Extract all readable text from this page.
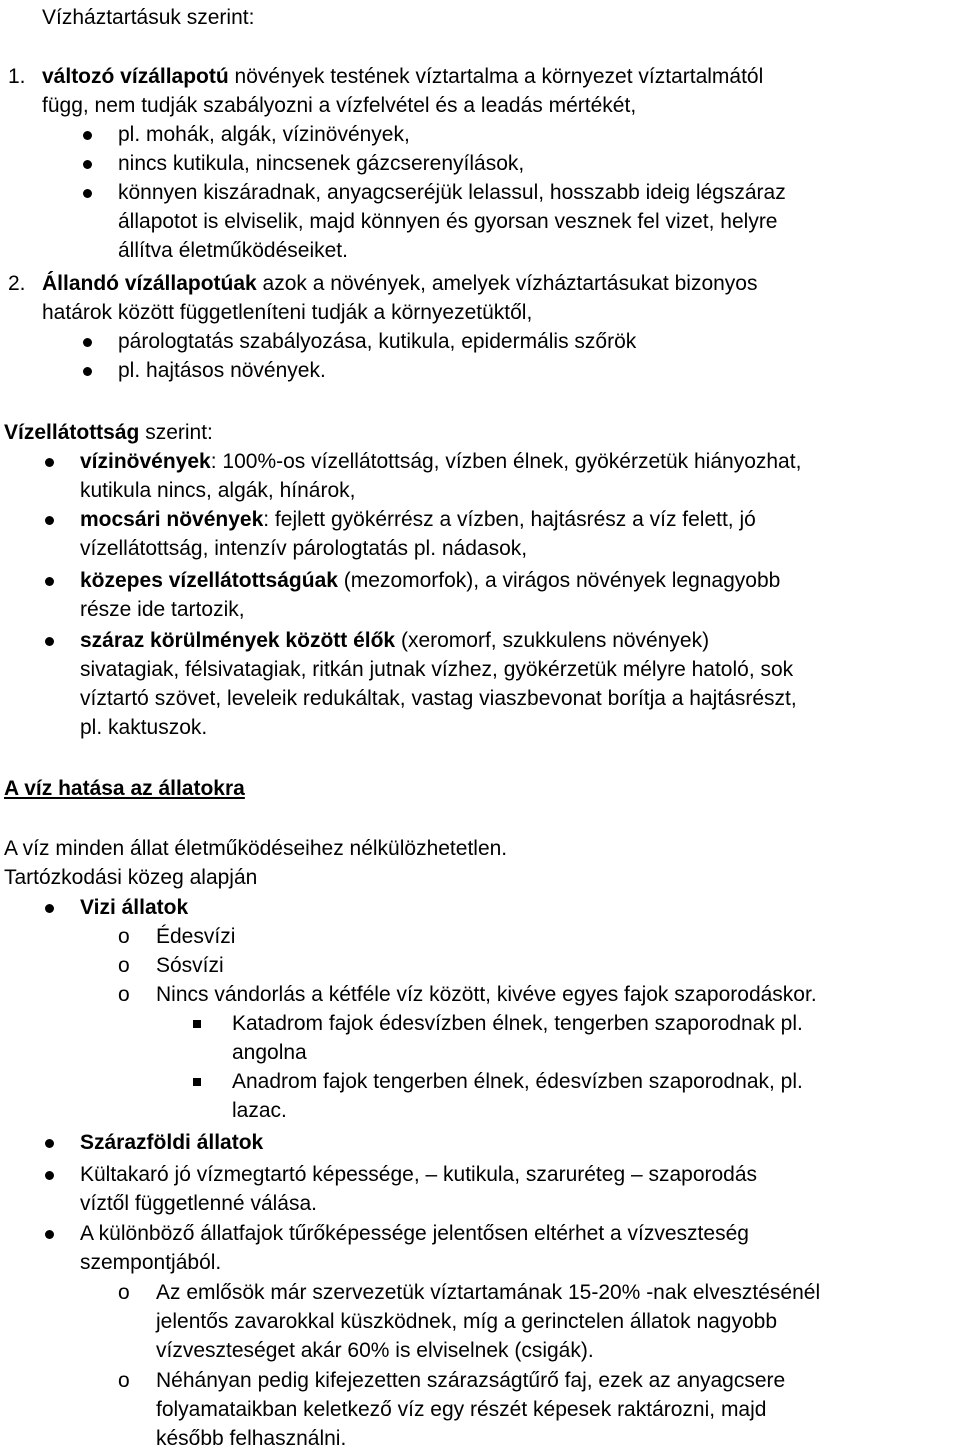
Vízháztartásuk szerint:
1. változó vízállapotú növények testének víztartalma a környezet víztartalmától
függ, nem tudják szabályozni a vízfelvétel és a leadás mértékét,
pl. mohák, algák, vízinövények,
nincs kutikula, nincsenek gázcserenyílások,
könnyen kiszáradnak, anyagcseréjük lelassul, hosszabb ideig légszáraz
állapotot is elviselik, majd könnyen és gyorsan vesznek fel vizet, helyre
állítva életműködéseiket.
2. Állandó vízállapotúak azok a növények, amelyek vízháztartásukat bizonyos
határok között függetleníteni tudják a környezetüktől,
párologtatás szabályozása, kutikula, epidermális szőrök
pl. hajtásos növények.
Vízellátottság szerint:
vízinövények: 100%-os vízellátottság, vízben élnek, gyökérzetük hiányozhat,
kutikula nincs, algák, hínárok,
mocsári növények: fejlett gyökérrész a vízben, hajtásrész a víz felett, jó
vízellátottság, intenzív párologtatás pl. nádasok,
közepes vízellátottságúak (mezomorfok), a virágos növények legnagyobb
része ide tartozik,
száraz körülmények között élők (xeromorf, szukkulens növények)
sivatagiak, félsivatagiak, ritkán jutnak vízhez, gyökérzetük mélyre hatoló, sok
víztartó szövet, leveleik redukáltak, vastag viaszbevonat borítja a hajtásrészt,
pl. kaktuszok.
A víz hatása az állatokra
A víz minden állat életműködéseihez nélkülözhetetlen.
Tartózkodási közeg alapján
Vizi állatok
o Édesvízi
o Sósvízi
o Nincs vándorlás a kétféle víz között, kivéve egyes fajok szaporodáskor.
Katadrom fajok édesvízben élnek, tengerben szaporodnak pl.
angolna
Anadrom fajok tengerben élnek, édesvízben szaporodnak, pl.
lazac.
Szárazföldi állatok
Kültakaró jó vízmegtartó képessége, – kutikula, szaruréteg – szaporodás
víztől függetlenné válása.
A különböző állatfajok tűrőképessége jelentősen eltérhet a vízveszteség
szempontjából.
o Az emlősök már szervezetük víztartamának 15-20% -nak elvesztésénél
jelentős zavarokkal küszködnek, míg a gerinctelen állatok nagyobb
vízveszteséget akár 60% is elviselnek (csigák).
o Néhányan pedig kifejezetten szárazságtűrő faj, ezek az anyagcsere
folyamataikban keletkező víz egy részét képesek raktározni, majd
később felhasználni.
